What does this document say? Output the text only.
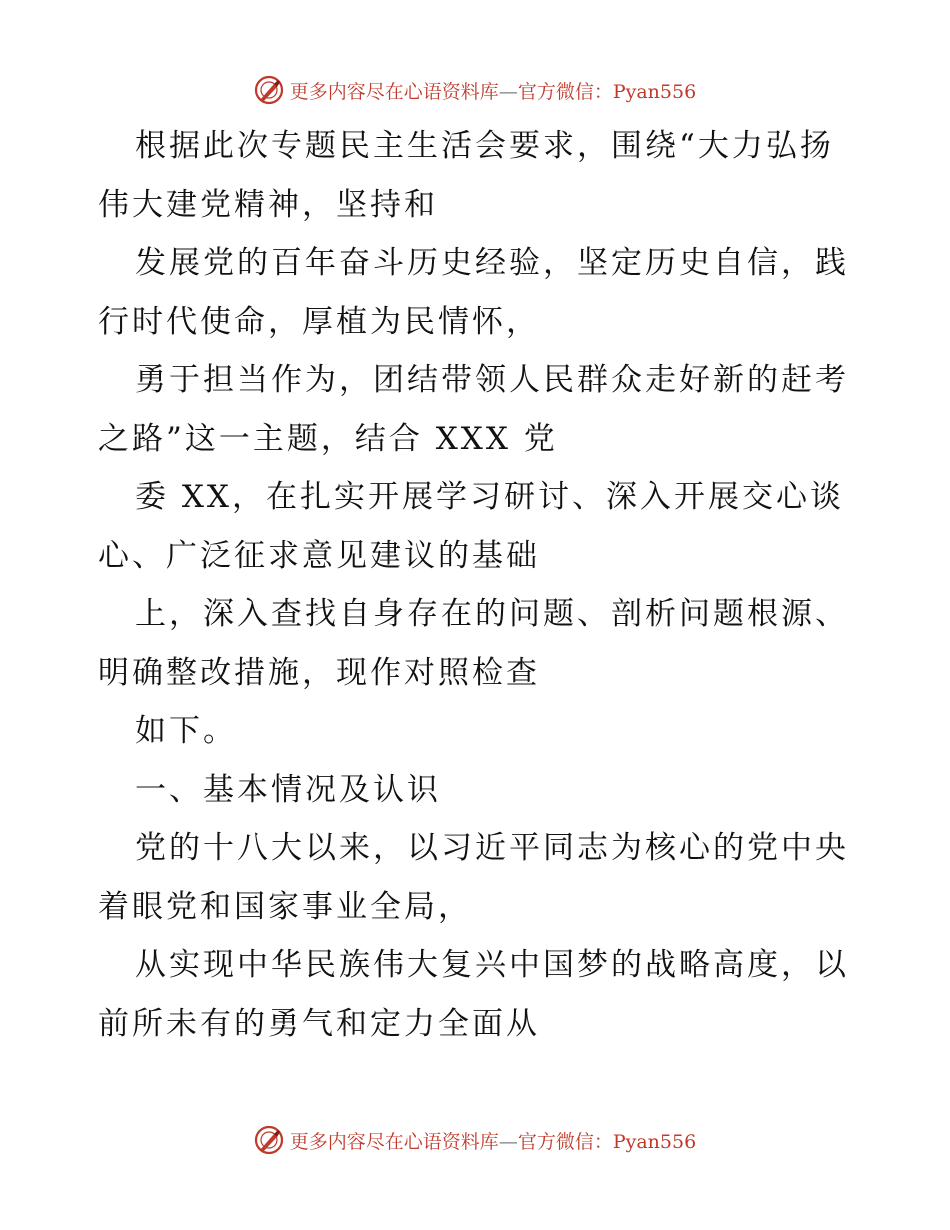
更多内容尽在心语资料库—官方微信：Pyan556
根据此次专题民主生活会要求，围绕“大力弘扬
伟大建党精神，坚持和
发展党的百年奋斗历史经验，坚定历史自信，践
行时代使命，厚植为民情怀，
勇于担当作为，团结带领人民群众走好新的赶考
之路”这一主题，结合 XXX 党
委 XX，在扎实开展学习研讨、深入开展交心谈
心、广泛征求意见建议的基础
上，深入查找自身存在的问题、剖析问题根源、
明确整改措施，现作对照检查
如下。
一、基本情况及认识
党的十八大以来，以习近平同志为核心的党中央
着眼党和国家事业全局，
从实现中华民族伟大复兴中国梦的战略高度，以
前所未有的勇气和定力全面从
更多内容尽在心语资料库—官方微信：Pyan556
